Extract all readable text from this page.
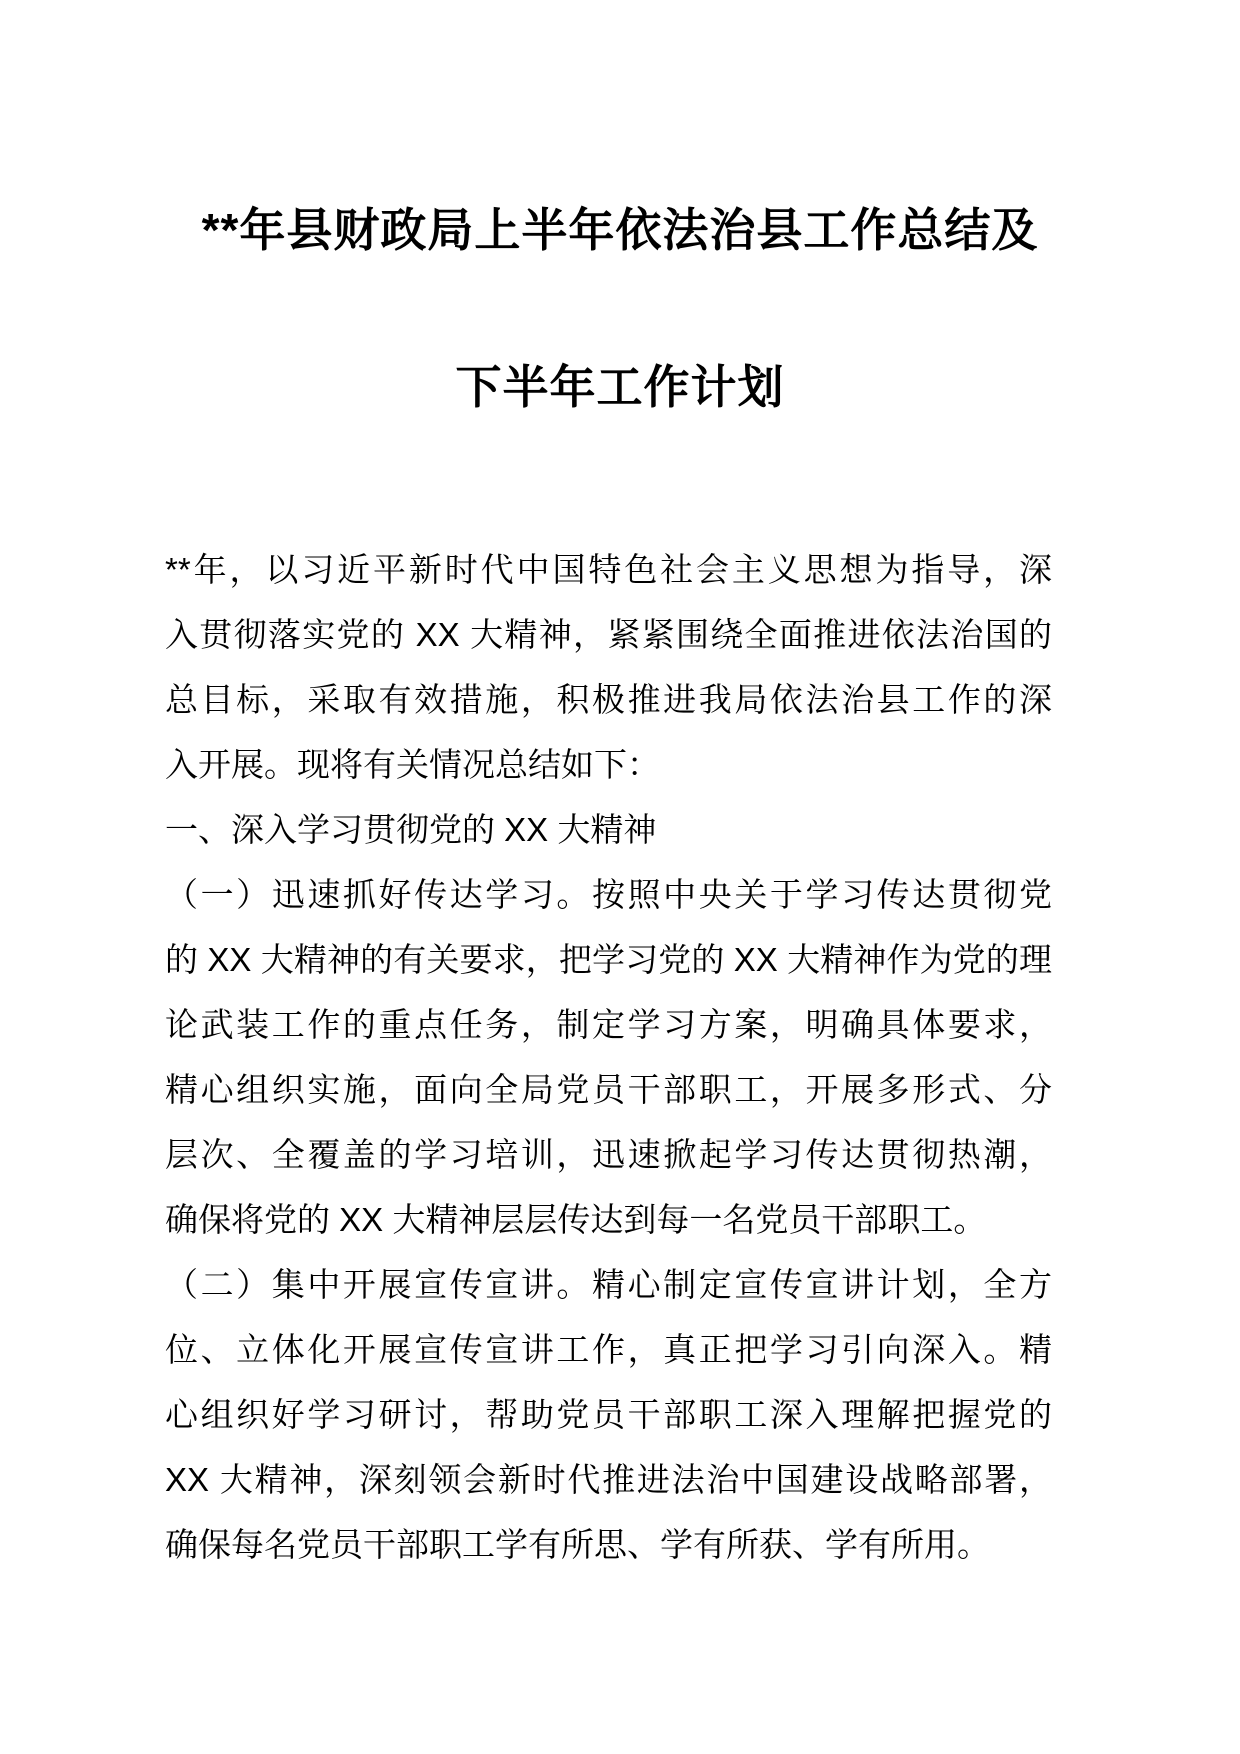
**年县财政局上半年依法治县工作总结及
下半年工作计划
**年，以习近平新时代中国特色社会主义思想为指导，深
入贯彻落实党的 XX 大精神，紧紧围绕全面推进依法治国的
总目标，采取有效措施，积极推进我局依法治县工作的深
入开展。现将有关情况总结如下：
一、深入学习贯彻党的 XX 大精神
（一）迅速抓好传达学习。按照中央关于学习传达贯彻党
的 XX 大精神的有关要求，把学习党的 XX 大精神作为党的理
论武装工作的重点任务，制定学习方案，明确具体要求，
精心组织实施，面向全局党员干部职工，开展多形式、分
层次、全覆盖的学习培训，迅速掀起学习传达贯彻热潮，
确保将党的 XX 大精神层层传达到每一名党员干部职工。
（二）集中开展宣传宣讲。精心制定宣传宣讲计划，全方
位、立体化开展宣传宣讲工作，真正把学习引向深入。精
心组织好学习研讨，帮助党员干部职工深入理解把握党的
XX 大精神，深刻领会新时代推进法治中国建设战略部署，
确保每名党员干部职工学有所思、学有所获、学有所用。
